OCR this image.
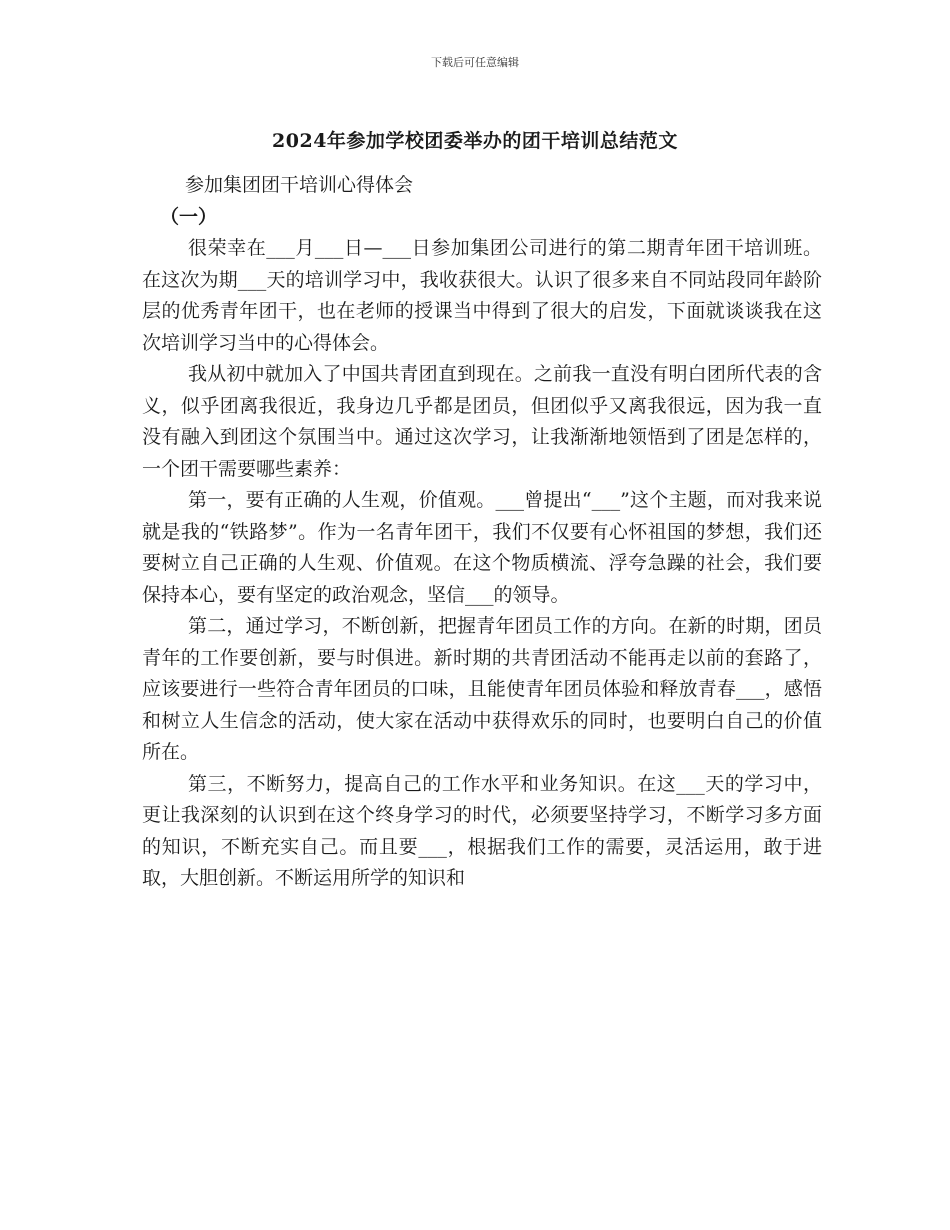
下载后可任意编辑
2024年参加学校团委举办的团干培训总结范文

参加集团团干培训心得体会

（一）

很荣幸在___月___日—___日参加集团公司进行的第二期青年团干培训班。在这次为期___天的培训学习中，我收获很大。认识了很多来自不同站段同年龄阶层的优秀青年团干，也在老师的授课当中得到了很大的启发，下面就谈谈我在这次培训学习当中的心得体会。

我从初中就加入了中国共青团直到现在。之前我一直没有明白团所代表的含义，似乎团离我很近，我身边几乎都是团员，但团似乎又离我很远，因为我一直没有融入到团这个氛围当中。通过这次学习，让我渐渐地领悟到了团是怎样的，一个团干需要哪些素养：

第一，要有正确的人生观，价值观。___曾提出“___”这个主题，而对我来说就是我的“铁路梦”。作为一名青年团干，我们不仅要有心怀祖国的梦想，我们还要树立自己正确的人生观、价值观。在这个物质横流、浮夸急躁的社会，我们要保持本心，要有坚定的政治观念，坚信___的领导。

第二，通过学习，不断创新，把握青年团员工作的方向。在新的时期，团员青年的工作要创新，要与时俱进。新时期的共青团活动不能再走以前的套路了，应该要进行一些符合青年团员的口味，且能使青年团员体验和释放青春___，感悟和树立人生信念的活动，使大家在活动中获得欢乐的同时，也要明白自己的价值所在。

第三，不断努力，提高自己的工作水平和业务知识。在这___天的学习中，更让我深刻的认识到在这个终身学习的时代，必须要坚持学习，不断学习多方面的知识，不断充实自己。而且要___，根据我们工作的需要，灵活运用，敢于进取，大胆创新。不断运用所学的知识和
